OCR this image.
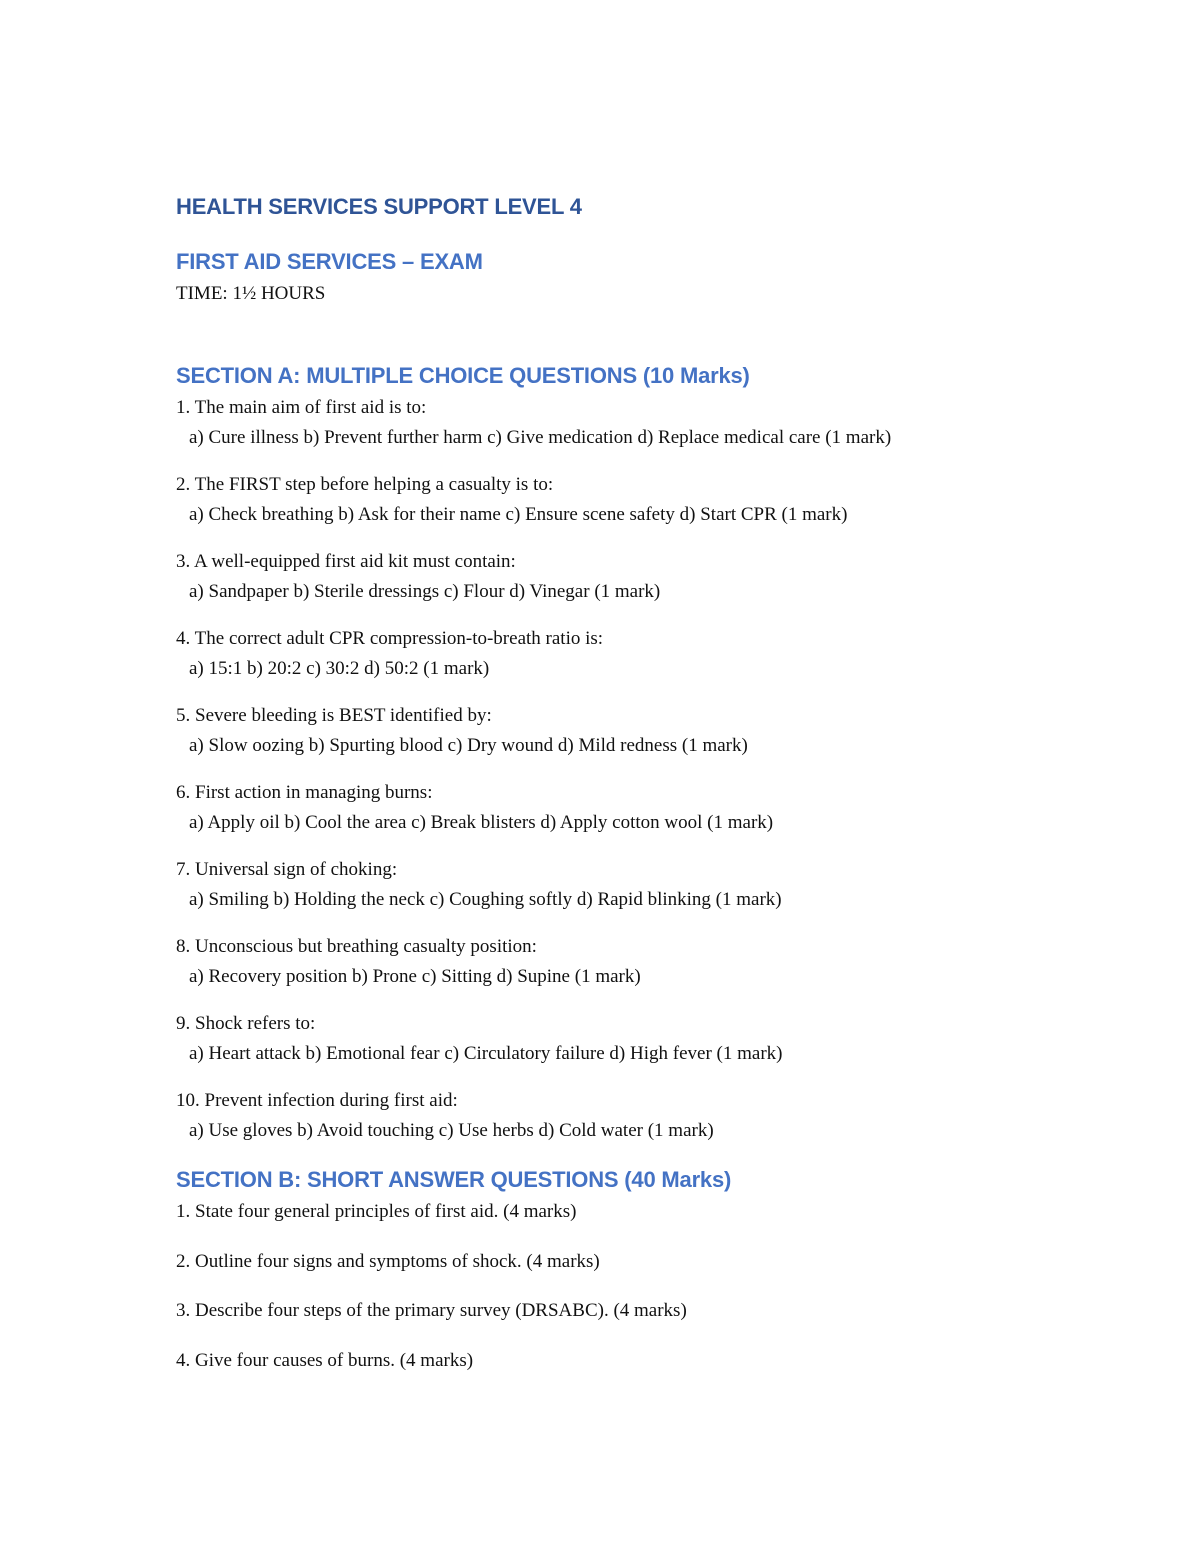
HEALTH SERVICES SUPPORT LEVEL 4
FIRST AID SERVICES – EXAM

TIME: 1½ HOURS

SECTION A: MULTIPLE CHOICE QUESTIONS (10 Marks)
1. The main aim of first aid is to:
a) Cure illness b) Prevent further harm c) Give medication d) Replace medical care (1 mark)
2. The FIRST step before helping a casualty is to:
a) Check breathing b) Ask for their name c) Ensure scene safety d) Start CPR (1 mark)
3. A well-equipped first aid kit must contain:
a) Sandpaper b) Sterile dressings c) Flour d) Vinegar (1 mark)
4. The correct adult CPR compression-to-breath ratio is:
a) 15:1 b) 20:2 c) 30:2 d) 50:2 (1 mark)
5. Severe bleeding is BEST identified by:
a) Slow oozing b) Spurting blood c) Dry wound d) Mild redness (1 mark)
6. First action in managing burns:
a) Apply oil b) Cool the area c) Break blisters d) Apply cotton wool (1 mark)
7. Universal sign of choking:
a) Smiling b) Holding the neck c) Coughing softly d) Rapid blinking (1 mark)
8. Unconscious but breathing casualty position:
a) Recovery position b) Prone c) Sitting d) Supine (1 mark)
9. Shock refers to:
a) Heart attack b) Emotional fear c) Circulatory failure d) High fever (1 mark)
10. Prevent infection during first aid:
a) Use gloves b) Avoid touching c) Use herbs d) Cold water (1 mark)
SECTION B: SHORT ANSWER QUESTIONS (40 Marks)

1. State four general principles of first aid. (4 marks)

2. Outline four signs and symptoms of shock. (4 marks)

3. Describe four steps of the primary survey (DRSABC). (4 marks)

4. Give four causes of burns. (4 marks)
